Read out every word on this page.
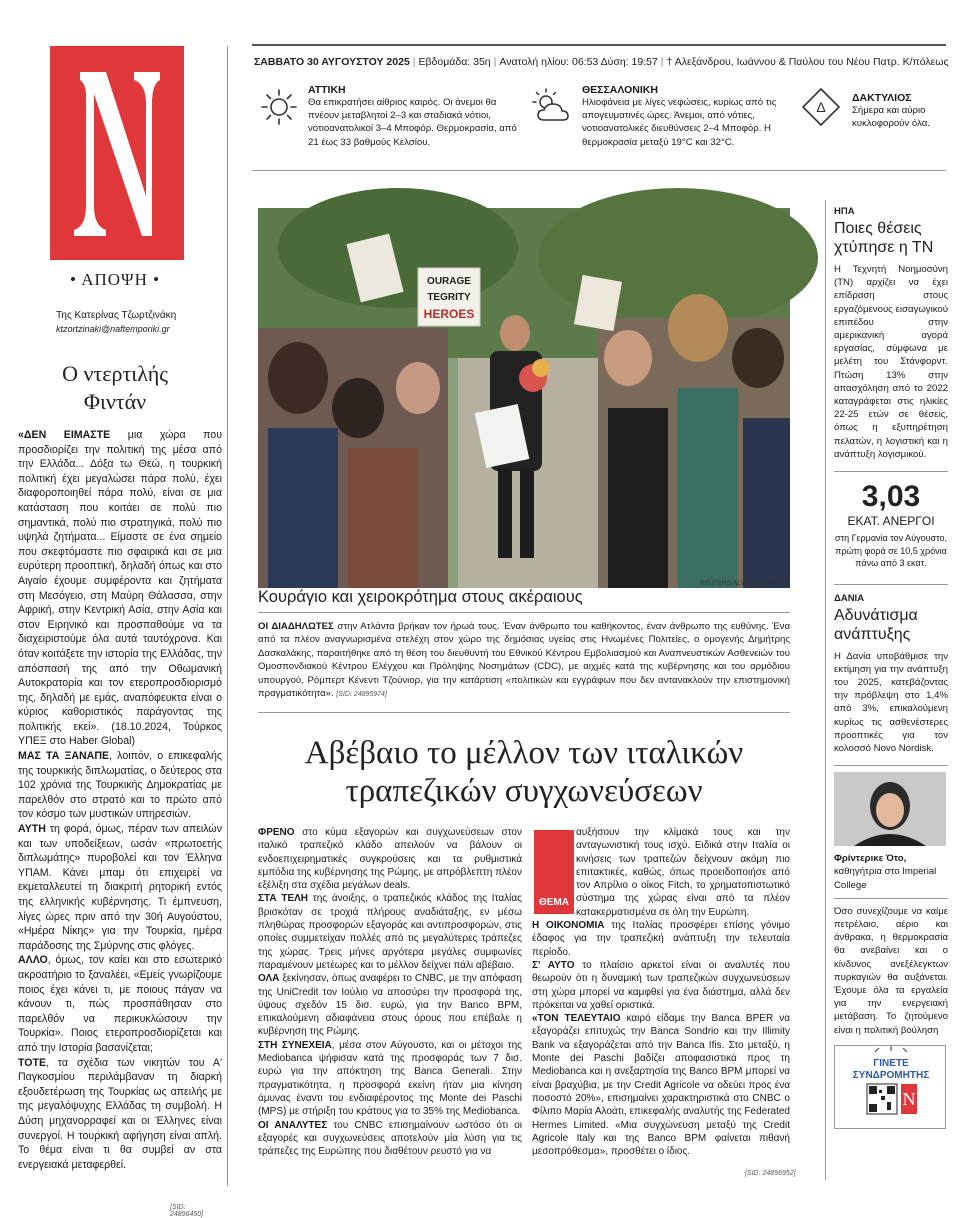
• ΑΠΟΨΗ •
Της Κατερίνας Τζωρτζινάκη
ktzortzinaki@naftemporiki.gr
Ο ντερτιλής
Φιντάν

«ΔΕΝ ΕΙΜΑΣΤΕ μια χώρα που προσδιορίζει την πολιτική της μέσα από την Ελλάδα... Δόξα τω Θεώ, η τουρκική πολιτική έχει μεγαλώσει πάρα πολύ, έχει διαφοροποιηθεί πάρα πολύ, είναι σε μια κατάσταση που κοιτάει σε πολύ πιο σημαντικά, πολύ πιο στρατηγικά, πολύ πιο υψηλά ζητήματα... Είμαστε σε ένα σημείο που σκεφτόμαστε πιο σφαιρικά και σε μια ευρύτερη προοπτική, δηλαδή όπως και στο Αιγαίο έχουμε συμφέροντα και ζητήματα στη Μεσόγειο, στη Μαύρη Θάλασσα, στην Αφρική, στην Κεντρική Ασία, στην Ασία και στον Ειρηνικό και προσπαθούμε να τα διαχειριστούμε όλα αυτά ταυτόχρονα. Και όταν κοιτάξετε την ιστορία της Ελλάδας, την απόσπασή της από την Οθωμανική Αυτοκρατορία και τον ετεροπροσδιορισμό της, δηλαδή με εμάς, αναπόφευκτα είναι ο κύριος καθοριστικός παράγοντας της πολιτικής εκεί». (18.10.2024, Τούρκος ΥΠΕΞ στο Haber Global)

ΜΑΣ ΤΑ ΞΑΝΑΠΕ, λοιπόν, ο επικεφαλής της τουρκικής διπλωματίας, ο δεύτερος στα 102 χρόνια της Τουρκικής Δημοκρατίας με παρελθόν στο στρατό και το πρώτο από τον κόσμο των μυστικών υπηρεσιών.

ΑΥΤΗ τη φορά, όμως, πέραν των απειλών και των υποδείξεων, ωσάν «πρωτοετής διπλωμάτης» πυροβολεί και τον Έλληνα ΥΠΑΜ. Κάνει μπαμ ότι επιχειρεί να εκμεταλλευτεί τη διακριτή ρητορική εντός της ελληνικής κυβέρνησης. Τι έμπνευση, λίγες ώρες πριν από την 30ή Αυγούστου, «Ημέρα Νίκης» για την Τουρκία, ημέρα παράδοσης της Σμύρνης στις φλόγες.

ΑΛΛΟ, όμως, τον καίει και στο εσωτερικό ακροατήριο το ξαναλέει, «Εμείς γνωρίζουμε ποιος έχει κάνει τι, με ποιους πάγαν να κάνουν τι, πώς προσπάθησαν στο παρελθόν να περικυκλώσουν την Τουρκία». Ποιος ετεροπροσδιορίζεται και από την Ιστορία βασανίζεται;

ΤΟΤΕ, τα σχέδια των νικητών του Α' Παγκοσμίου περιλάμβαναν τη διαρκή εξουδετέρωση της Τουρκίας ως απειλής με της μεγαλόψυχης Ελλάδας τη συμβολή. Η Δύση μηχανορραφεί και οι Έλληνες είναι συνεργοί. Η τουρκική αφήγηση είναι απλή. Το θέμα είναι τι θα συμβεί αν στα ενεργειακά μεταφερθεί.

[SID: 24896450]
ΣΑΒΒΑΤΟ 30 ΑΥΓΟΥΣΤΟΥ 2025 | Εβδομάδα: 35η | Ανατολή ηλίου: 06:53 Δύση: 19:57 | † Αλεξάνδρου, Ιωάννου & Παύλου του Νέου Πατρ. Κ/πόλεως
ΑΤΤΙΚΗ
Θα επικρατήσει αίθριος καιρός. Οι άνεμοι θα πνέουν μεταβλητοί 2–3 και σταδιακά νότιοι, νοτιοανατολικοί 3–4 Μποφόρ. Θερμοκρασία, από 21 έως 33 βαθμούς Κελσίου.
ΘΕΣΣΑΛΟΝΙΚΗ
Ηλιοφάνεια με λίγες νεφώσεις, κυρίως από τις απογευματινές ώρες. Άνεμοι, από νότιες, νοτιοανατολικές διευθύνσεις 2–4 Μποφόρ. Η θερμοκρασία μεταξύ 19°C και 32°C.
Δ
ΔΑΚΤΥΛΙΟΣ
Σήμερα και αύριο κυκλοφορούν όλα.
OURAGE
TEGRITY
HEROES
REUTERS/ALYSSA POINTER
Κουράγιο και χειροκρότημα στους ακέραιους

ΟΙ ΔΙΑΔΗΛΩΤΕΣ στην Ατλάντα βρήκαν τον ήρωά τους. Έναν άνθρωπο του καθήκοντος, έναν άνθρωπο της ευθύνης. Ένα από τα πλέον αναγνωρισμένα στελέχη στον χώρο της δημόσιας υγείας στις Ηνωμένες Πολιτείες, ο ομογενής Δημήτρης Δασκαλάκης, παραιτήθηκε από τη θέση του διευθυντή του Εθνικού Κέντρου Εμβολιασμού και Αναπνευστικών Ασθενειών του Ομοσπονδιακού Κέντρου Ελέγχου και Πρόληψης Νοσημάτων (CDC), με αιχμές κατά της κυβέρνησης και του αρμόδιου υπουργού, Ρόμπερτ Κένεντι Τζούνιορ, για την κατάρτιση «πολιτικών και εγγράφων που δεν αντανακλούν την επιστημονική πραγματικότητα». [SID: 24895974]

Αβέβαιο το μέλλον των ιταλικών
τραπεζικών συγχωνεύσεων

ΦΡΕΝΟ στο κύμα εξαγορών και συγχωνεύσεων στον ιταλικό τραπεζικό κλάδο απειλούν να βάλουν οι ενδοεπιχειρηματικές συγκρούσεις και τα ρυθμιστικά εμπόδια της κυβέρνησης της Ρώμης, με απρόβλεπτη πλέον εξέλιξη στα σχέδια μεγάλων deals.

ΣΤΑ ΤΕΛΗ της άνοιξης, ο τραπεζικός κλάδος της Ιταλίας βρισκόταν σε τροχιά πλήρους αναδιάταξης, εν μέσω πληθώρας προσφορών εξαγοράς και αντιπροσφορών, στις οποίες συμμετείχαν πολλές από τις μεγαλύτερες τράπεζες της χώρας. Τρεις μήνες αργότερα μεγάλες συμφωνίες παραμένουν μετέωρες και το μέλλον δείχνει πάλι αβέβαιο.

ΟΛΑ ξεκίνησαν, όπως αναφέρει το CNBC, με την απόφαση της UniCredit τον Ιούλιο να αποσύρει την προσφορά της, ύψους σχεδόν 15 δισ. ευρώ, για την Banco BPM, επικαλούμενη αδιαφάνεια στους όρους που επέβαλε η κυβέρνηση της Ρώμης.

ΣΤΗ ΣΥΝΕΧΕΙΑ, μέσα στον Αύγουστο, και οι μέτοχοι της Mediobanca ψήφισαν κατά της προσφοράς των 7 δισ. ευρώ για την απόκτηση της Banca Generali. Στην πραγματικότητα, η προσφορά εκείνη ήταν μια κίνηση άμυνας έναντι του ενδιαφέροντος της Monte dei Paschi (MPS) με στήριξη του κράτους για το 35% της Mediobanca.

ΟΙ ΑΝΑΛΥΤΕΣ του CNBC επισημαίνουν ωστόσο ότι οι εξαγορές και συγχωνεύσεις αποτελούν μία λύση για τις τράπεζες της Ευρώπης που διαθέτουν ρευστό για να

ΘΕΜΑ

αυξήσουν την κλίμακά τους και την ανταγωνιστική τους ισχύ. Ειδικά στην Ιταλία οι κινήσεις των τραπεζών δείχνουν ακόμη πιο επιτακτικές, καθώς, όπως προειδοποιήσε από τον Απρίλιο ο οίκος Fitch, το χρηματοπιστωτικό σύστημα της χώρας είναι από τα πλέον κατακερματισμένα σε όλη την Ευρώπη.

Η ΟΙΚΟΝΟΜΙΑ της Ιταλίας προσφέρει επίσης γόνιμο έδαφος για την τραπεζική ανάπτυξη την τελευταία περίοδο.

Σ' ΑΥΤΟ το πλαίσιο αρκετοί είναι οι αναλυτές που θεωρούν ότι η δυναμική των τραπεζικών συγχωνεύσεων στη χώρα μπορεί να καμφθεί για ένα διάστημα, αλλά δεν πρόκειται να χαθεί οριστικά.

«ΤΟΝ ΤΕΛΕΥΤΑΙΟ καιρό είδαμε την Banca BPER να εξαγοράζει επιτυχώς την Banca Sondrio και την Illimity Bank να εξαγοράζεται από την Banca Ifis. Στο μεταξύ, η Monte dei Paschi βαδίζει αποφασιστικά προς τη Mediobanca και η ανεξαρτησία της Banco BPM μπορεί να είναι βραχύβια, με την Credit Agricole να οδεύει προς ένα ποσοστό 20%», επισημαίνει χαρακτηριστικά στο CNBC ο Φίλιπο Μαρία Αλοάτι, επικεφαλής αναλυτής της Federated Hermes Limited. «Μια συγχώνευση μεταξύ της Credit Agricole Italy και της Banco BPM φαίνεται πιθανή μεσοπρόθεσμα», προσθέτει ο ίδιος.

[SID: 24896952]
ΗΠΑ
Ποιες θέσεις χτύπησε η ΤΝ

Η Τεχνητή Νοημοσύνη (ΤΝ) αρχίζει να έχει επίδραση στους εργαζόμενους εισαγωγικού επιπέδου στην αμερικανική αγορά εργασίας, σύμφωνα με μελέτη του Στάνφορντ. Πτώση 13% στην απασχόληση από το 2022 καταγράφεται στις ηλικίες 22-25 ετών σε θέσεις, όπως η εξυπηρέτηση πελατών, η λογιστική και η ανάπτυξη λογισμικού.

3,03
ΕΚΑΤ. ΑΝΕΡΓΟΙ
στη Γερμανία τον Αύγουστο, πρώτη φορά σε 10,5 χρόνια πάνω από 3 εκατ.
ΔΑΝΙΑ
Αδυνάτισμα ανάπτυξης

Η Δανία υποβάθμισε την εκτίμηση για την ανάπτυξη του 2025, κατεβάζοντας την πρόβλεψη στο 1,4% από 3%, επικαλούμενη κυρίως τις ασθενέστερες προοπτικές για τον κολοσσό Novo Nordisk.

Φρίντερικε Ότο, καθηγήτρια στο Imperial College

Όσο συνεχίζουμε να καίμε πετρέλαιο, αέριο και άνθρακα, η θερμοκρασία θα ανεβαίνει και ο κίνδυνος ανεξέλεγκτων πυρκαγιών θα αυξάνεται. Έχουμε όλα τα εργαλεία για την ενεργειακή μετάβαση. Το ζητούμενο είναι η πολιτική βούληση

ΓΙΝΕΤΕ
ΣΥΝΔΡΟΜΗΤΗΣ
N
